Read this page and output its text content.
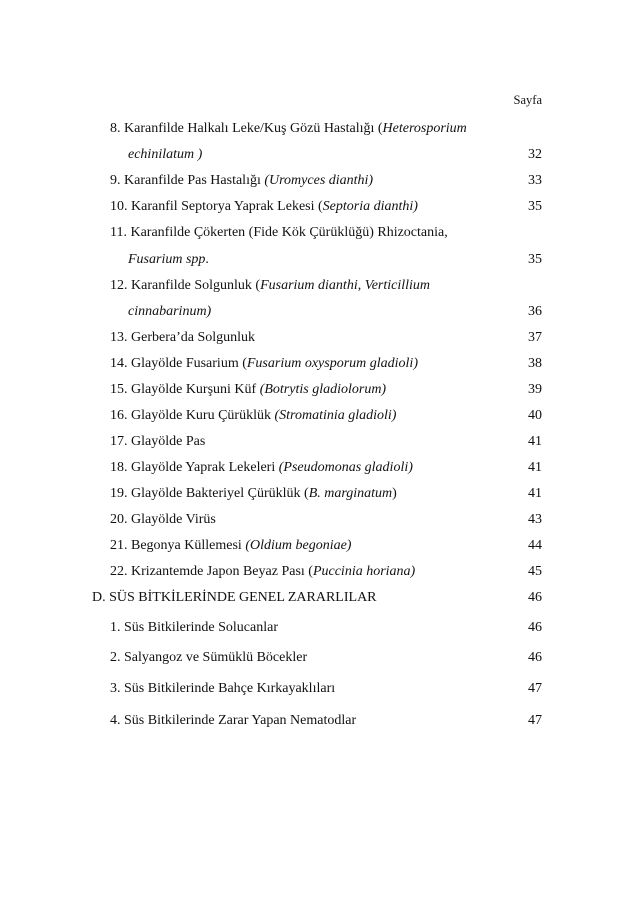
Sayfa
8. Karanfilde Halkalı Leke/Kuş Gözü Hastalığı (Heterosporium
echinilatum )	32
9. Karanfilde Pas Hastalığı (Uromyces dianthi)	33
10. Karanfil Septorya Yaprak Lekesi (Septoria dianthi)	35
11. Karanfilde Çökerten (Fide Kök Çürüklüğü) Rhizoctania,
Fusarium spp.	35
12. Karanfilde Solgunluk (Fusarium dianthi, Verticillium
cinnabarinum)	36
13. Gerbera’da Solgunluk	37
14. Glayölde Fusarium (Fusarium oxysporum gladioli)	38
15. Glayölde Kurşuni Küf (Botrytis gladiolorum)	39
16. Glayölde Kuru Çürüklük (Stromatinia gladioli)	40
17. Glayölde Pas	41
18. Glayölde Yaprak Lekeleri (Pseudomonas gladioli)	41
19. Glayölde Bakteriyel Çürüklük (B. marginatum)	41
20. Glayölde Virüs	43
21. Begonya Küllemesi (Oldium begoniae)	44
22. Krizantemde Japon Beyaz Pası (Puccinia horiana)	45
D. SÜS BİTKİLERİNDE GENEL ZARARLILAR	46
1. Süs Bitkilerinde Solucanlar	46
2. Salyangoz ve Sümüklü Böcekler	46
3. Süs Bitkilerinde Bahçe Kırkayaklıları	47
4. Süs Bitkilerinde Zarar Yapan Nematodlar	47
